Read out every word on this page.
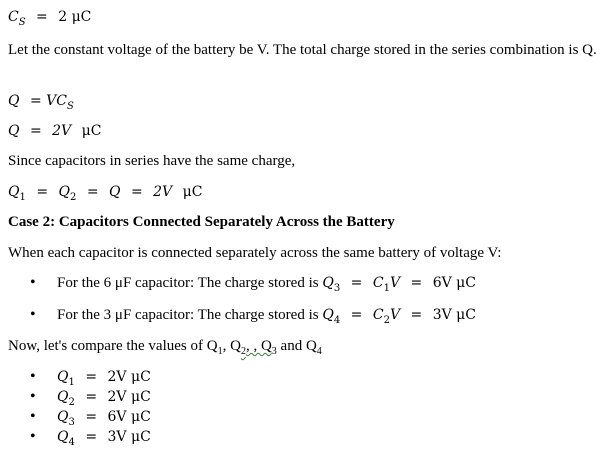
$C_S = 2$ μC
Let the constant voltage of the battery be V. The total charge stored in the series combination is Q.
$Q = VC_S$
Q = 2V μC
Since capacitors in series have the same charge,
$Q_1 = Q_2 = Q = 2V$ μC
Case 2: Capacitors Connected Separately Across the Battery
When each capacitor is connected separately across the same battery of voltage V:
• For the 6 μF capacitor: The charge stored is $Q_3 = C_1V = 6V$ μC
• For the 3 μF capacitor: The charge stored is $Q_4 = C_2V = 3V$ μC
Now, let's compare the values of $Q_1$, $Q_2$, , $Q_3$ and $Q_4$
• $Q_1 = 2V$ μC
• $Q_2 = 2V$ μC
• $Q_3 = 6V$ μC
• $Q_4 = 3V$ μC
